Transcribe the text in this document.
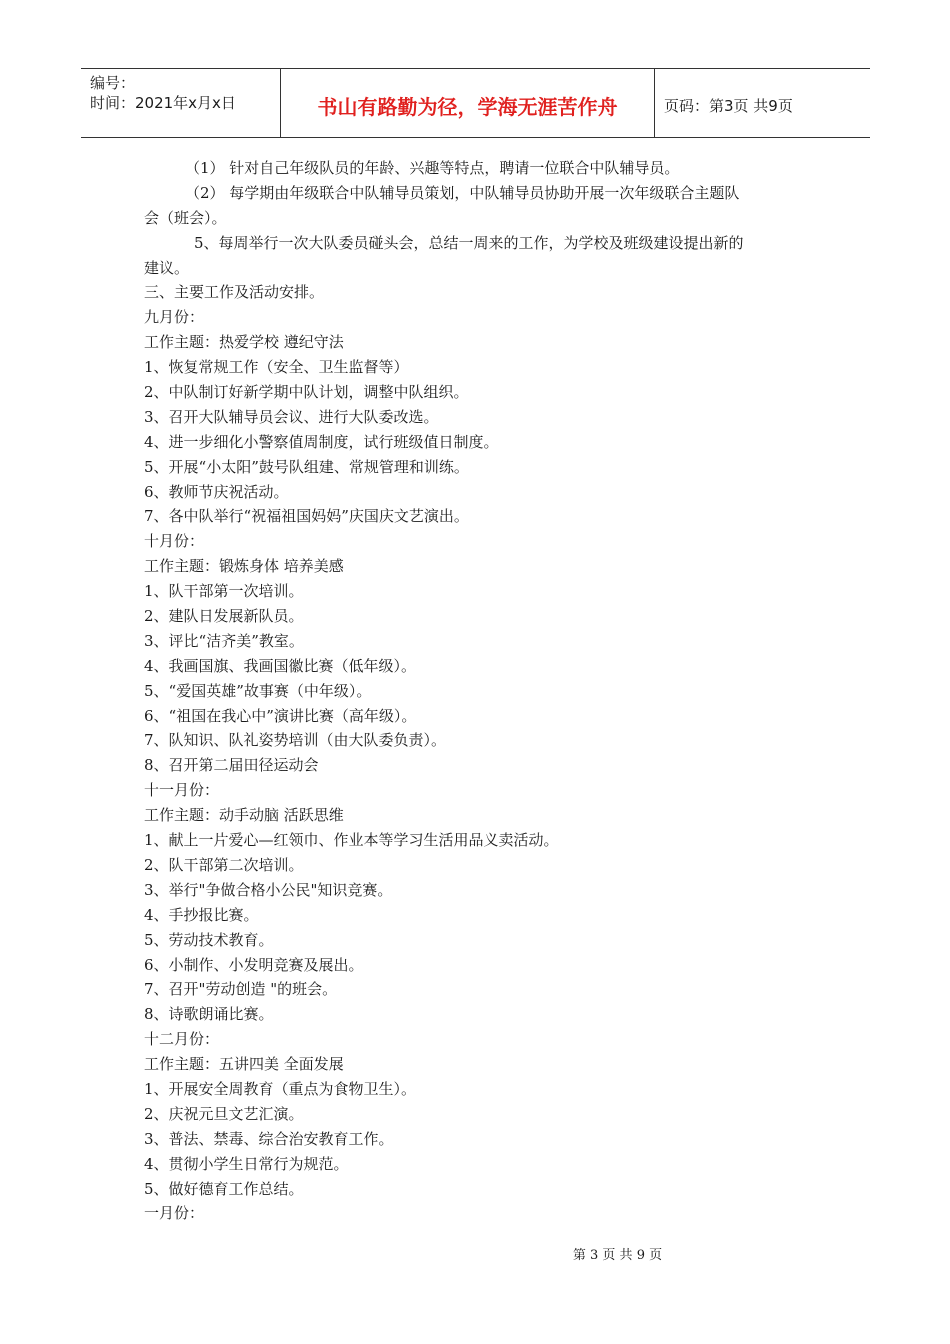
编号：
时间：2021年x月x日	书山有路勤为径，学海无涯苦作舟	页码：第3页 共9页
（1） 针对自己年级队员的年龄、兴趣等特点，聘请一位联合中队辅导员。
（2） 每学期由年级联合中队辅导员策划，中队辅导员协助开展一次年级联合主题队
会（班会）。
5、每周举行一次大队委员碰头会，总结一周来的工作，为学校及班级建设提出新的
建议。
三、主要工作及活动安排。
九月份：
工作主题：热爱学校 遵纪守法
1、恢复常规工作（安全、卫生监督等）
2、中队制订好新学期中队计划，调整中队组织。
3、召开大队辅导员会议、进行大队委改选。
4、进一步细化小警察值周制度，试行班级值日制度。
5、开展“小太阳”鼓号队组建、常规管理和训练。
6、教师节庆祝活动。
7、各中队举行“祝福祖国妈妈”庆国庆文艺演出。
十月份：
工作主题：锻炼身体 培养美感
1、队干部第一次培训。
2、建队日发展新队员。
3、评比“洁齐美”教室。
4、我画国旗、我画国徽比赛（低年级）。
5、“爱国英雄”故事赛（中年级）。
6、“祖国在我心中”演讲比赛（高年级）。
7、队知识、队礼姿势培训（由大队委负责）。
8、召开第二届田径运动会
十一月份：
工作主题：动手动脑 活跃思维
1、献上一片爱心—红领巾、作业本等学习生活用品义卖活动。
2、队干部第二次培训。
3、举行"争做合格小公民"知识竞赛。
4、手抄报比赛。
5、劳动技术教育。
6、小制作、小发明竞赛及展出。
7、召开"劳动创造 "的班会。
8、诗歌朗诵比赛。
十二月份：
工作主题：五讲四美 全面发展
1、开展安全周教育（重点为食物卫生）。
2、庆祝元旦文艺汇演。
3、普法、禁毒、综合治安教育工作。
4、贯彻小学生日常行为规范。
5、做好德育工作总结。
一月份：
第 3 页 共 9 页
